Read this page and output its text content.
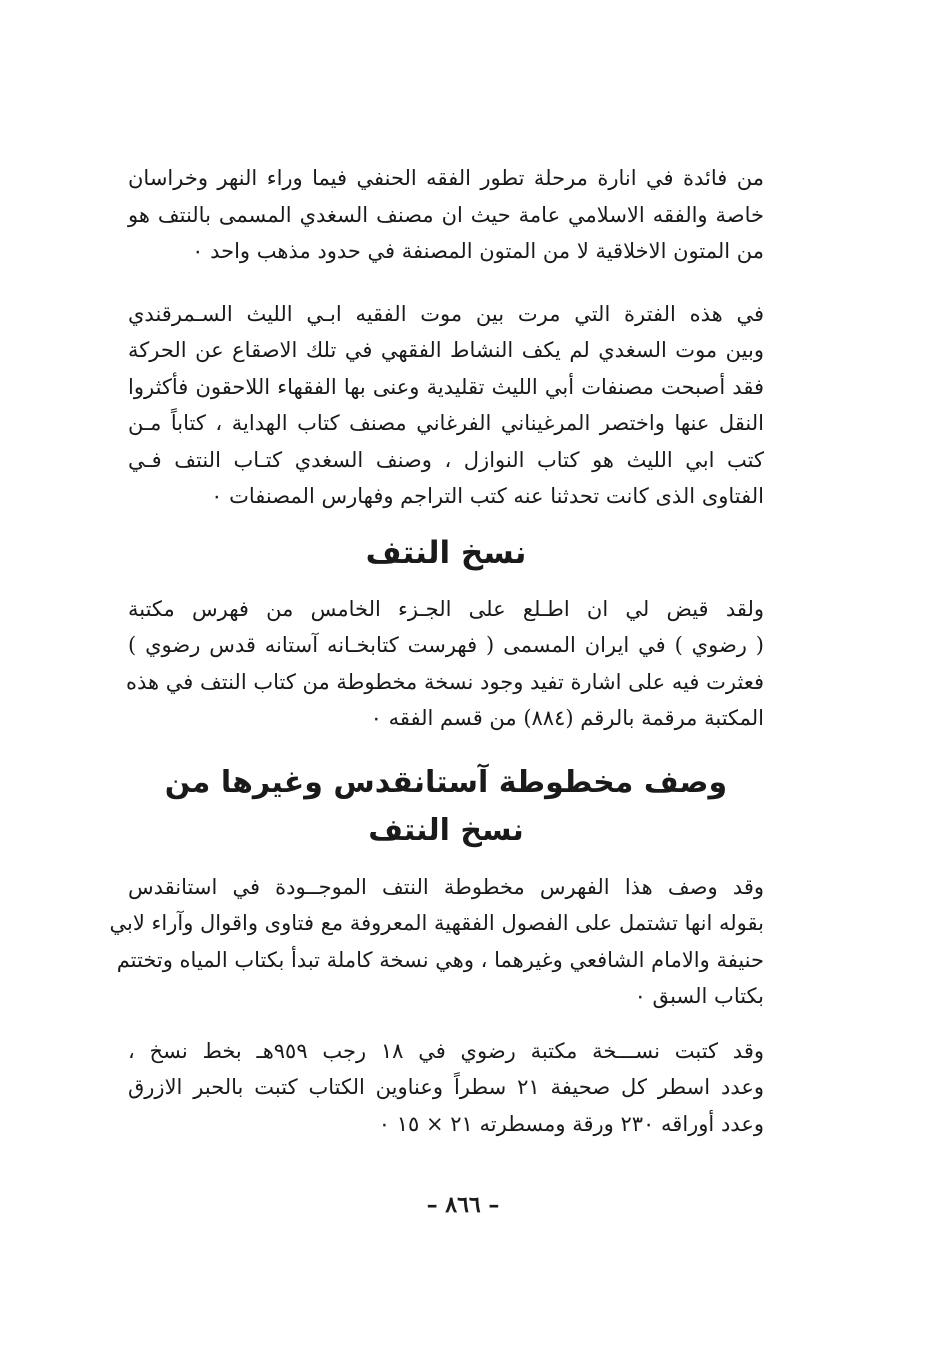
من فائدة في انارة مرحلة تطور الفقه الحنفي فيما وراء النهر وخراسان
خاصة والفقه الاسلامي عامة حيث ان مصنف السغدي المسمى بالنتف هو
من المتون الاخلاقية لا من المتون المصنفة في حدود مذهب واحد ٠

في هذه الفترة التي مرت بين موت الفقيه ابـي الليث السـمرقندي
وبين موت السغدي لم يكف النشاط الفقهي في تلك الاصقاع عن الحركة
فقد أصبحت مصنفات أبي الليث تقليدية وعنى بها الفقهاء اللاحقون فأكثروا
النقل عنها واختصر المرغيناني الفرغاني مصنف كتاب الهداية ، كتاباً مـن
كتب ابي الليث هو كتاب النوازل ، وصنف السغدي كتـاب النتف فـي
الفتاوى الذى كانت تحدثنا عنه كتب التراجم وفهارس المصنفات ٠

نسخ النتف

ولقد قيض لي ان اطـلع على الجـزء الخامس من فهرس مكتبة
( رضوي ) في ايران المسمى ( فهرست كتابخـانه آستانه قدس رضوي )
فعثرت فيه على اشارة تفيد وجود نسخة مخطوطة من كتاب النتف في هذه
المكتبة مرقمة بالرقم (٨٨٤) من قسم الفقه ٠

وصف مخطوطة آستانقدس وغيرها من نسخ النتف

وقد وصف هذا الفهرس مخطوطة النتف الموجــودة في استانقدس
بقوله انها تشتمل على الفصول الفقهية المعروفة مع فتاوى واقوال وآراء لابي
حنيفة والامام الشافعي وغيرهما ، وهي نسخة كاملة تبدأ بكتاب المياه وتختتم
بكتاب السبق ٠

وقد كتبت نســـخة مكتبة رضوي في ١٨ رجب ٩٥٩هـ بخط نسخ ،
وعدد اسطر كل صحيفة ٢١ سطراً وعناوين الكتاب كتبت بالحبر الازرق
وعدد أوراقه ٢٣٠ ورقة ومسطرته ٢١ × ١٥ ٠

– ٨٦٦ –
